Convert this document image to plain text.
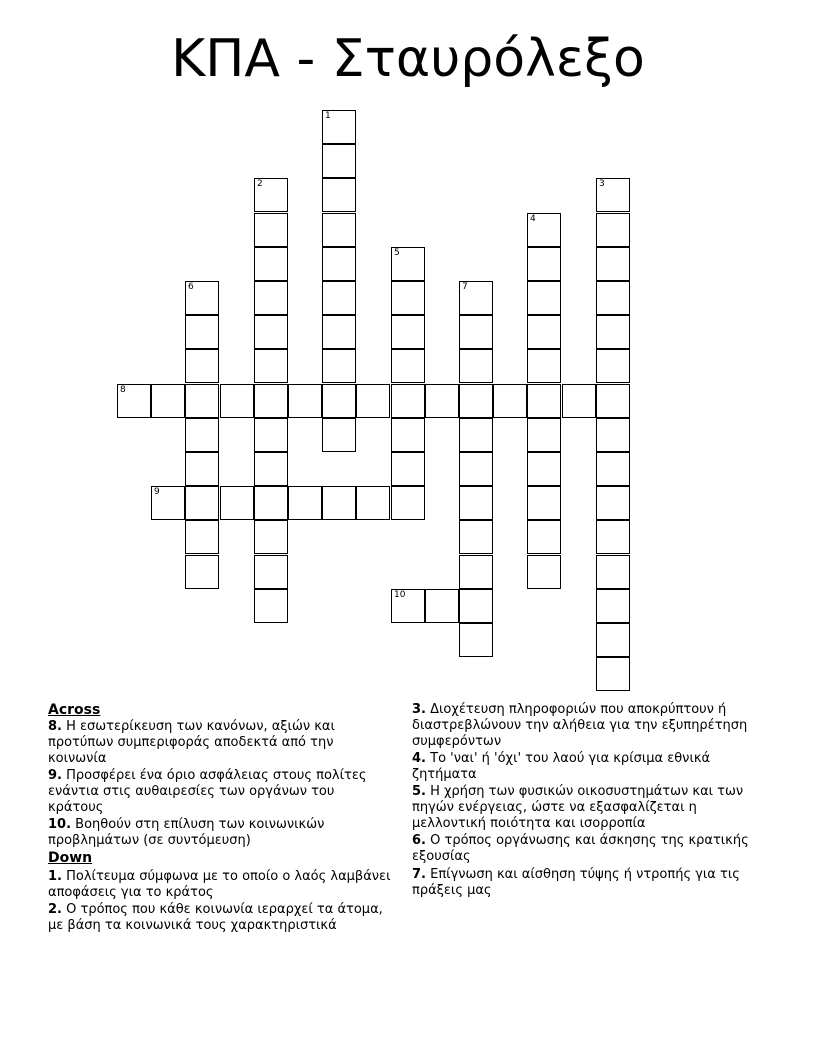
ΚΠΑ - Σταυρόλεξο
1
2	3
4
5
6	7
8
9
10
Across
8. Η εσωτερίκευση των κανόνων, αξιών και προτύπων συμπεριφοράς αποδεκτά από την κοινωνία
9. Προσφέρει ένα όριο ασφάλειας στους πολίτες ενάντια στις αυθαιρεσίες των οργάνων του κράτους
10. Βοηθούν στη επίλυση των κοινωνικών προβλημάτων (σε συντόμευση)
Down
1. Πολίτευμα σύμφωνα με το οποίο ο λαός λαμβάνει αποφάσεις για το κράτος
2. Ο τρόπος που κάθε κοινωνία ιεραρχεί τα άτομα, με βάση τα κοινωνικά τους χαρακτηριστικά
3. Διοχέτευση πληροφοριών που αποκρύπτουν ή διαστρεβλώνουν την αλήθεια για την εξυπηρέτηση συμφερόντων
4. Το 'ναι' ή 'όχι' του λαού για κρίσιμα εθνικά ζητήματα
5. Η χρήση των φυσικών οικοσυστημάτων και των πηγών ενέργειας, ώστε να εξασφαλίζεται η μελλοντική ποιότητα και ισορροπία
6. Ο τρόπος οργάνωσης και άσκησης της κρατικής εξουσίας
7. Επίγνωση και αίσθηση τύψης ή ντροπής για τις πράξεις μας
